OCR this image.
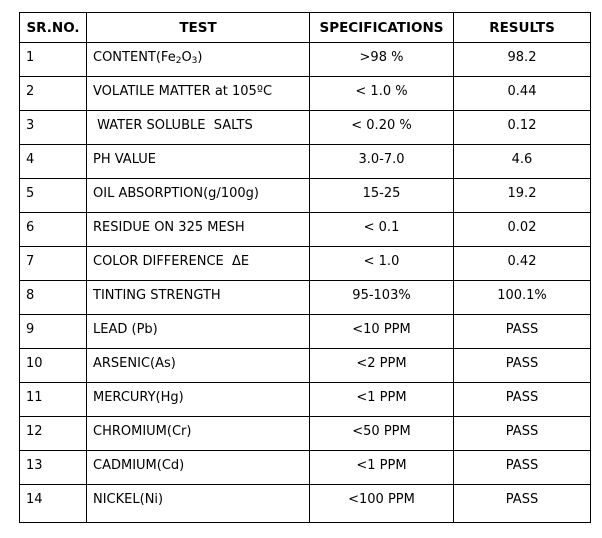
SR.NO.	TEST	SPECIFICATIONS	RESULTS
1	$CONTENT(Fe_2O_3)$	>98 %	98.2
2	VOLATILE MATTER at 105ºC	< 1.0 %	0.44
3	WATER SOLUBLE  SALTS	< 0.20 %	0.12
4	PH VALUE	3.0-7.0	4.6
5	OIL ABSORPTION(g/100g)	15-25	19.2
6	RESIDUE ON 325 MESH	< 0.1	0.02
7	COLOR DIFFERENCE  ΔE	< 1.0	0.42
8	TINTING STRENGTH	95-103%	100.1%
9	LEAD (Pb)	<10 PPM	PASS
10	ARSENIC(As)	<2 PPM	PASS
11	MERCURY(Hg)	<1 PPM	PASS
12	CHROMIUM(Cr)	<50 PPM	PASS
13	CADMIUM(Cd)	<1 PPM	PASS
14	NICKEL(Ni)	<100 PPM	PASS
